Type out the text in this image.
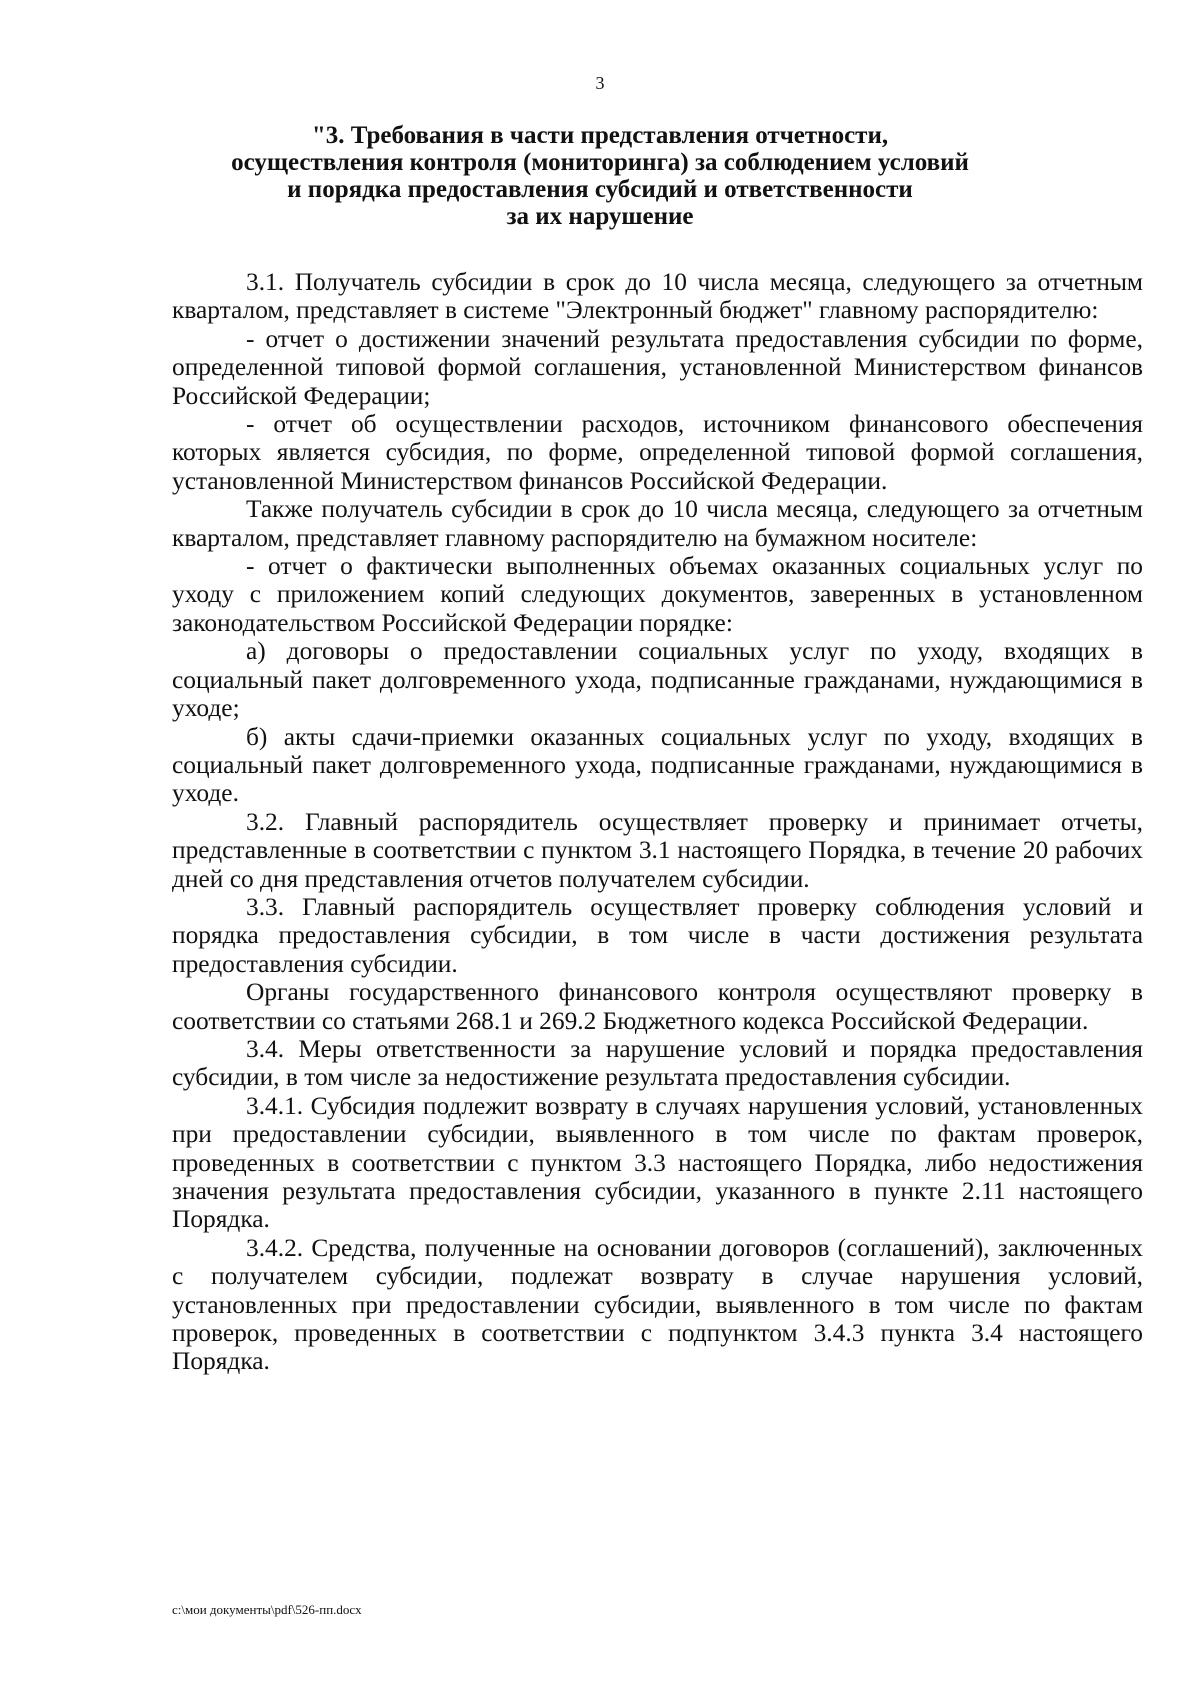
3
"3. Требования в части представления отчетности,
осуществления контроля (мониторинга) за соблюдением условий
и порядка предоставления субсидий и ответственности
за их нарушение

3.1. Получатель субсидии в срок до 10 числа месяца, следующего за отчетным кварталом, представляет в системе "Электронный бюджет" главному распорядителю:

- отчет о достижении значений результата предоставления субсидии по форме, определенной типовой формой соглашения, установленной Министерством финансов Российской Федерации;

- отчет об осуществлении расходов, источником финансового обеспечения которых является субсидия, по форме, определенной типовой формой соглашения, установленной Министерством финансов Российской Федерации.

Также получатель субсидии в срок до 10 числа месяца, следующего за отчетным кварталом, представляет главному распорядителю на бумажном носителе:

- отчет о фактически выполненных объемах оказанных социальных услуг по уходу с приложением копий следующих документов, заверенных в установленном законодательством Российской Федерации порядке:

а) договоры о предоставлении социальных услуг по уходу, входящих в социальный пакет долговременного ухода, подписанные гражданами, нуждающимися в уходе;

б) акты сдачи-приемки оказанных социальных услуг по уходу, входящих в социальный пакет долговременного ухода, подписанные гражданами, нуждающимися в уходе.

3.2. Главный распорядитель осуществляет проверку и принимает отчеты, представленные в соответствии с пунктом 3.1 настоящего Порядка, в течение 20 рабочих дней со дня представления отчетов получателем субсидии.

3.3. Главный распорядитель осуществляет проверку соблюдения условий и порядка предоставления субсидии, в том числе в части достижения результата предоставления субсидии.

Органы государственного финансового контроля осуществляют проверку в соответствии со статьями 268.1 и 269.2 Бюджетного кодекса Российской Федерации.

3.4. Меры ответственности за нарушение условий и порядка предоставления субсидии, в том числе за недостижение результата предоставления субсидии.

3.4.1. Субсидия подлежит возврату в случаях нарушения условий, установленных при предоставлении субсидии, выявленного в том числе по фактам проверок, проведенных в соответствии с пунктом 3.3 настоящего Порядка, либо недостижения значения результата предоставления субсидии, указанного в пункте 2.11 настоящего Порядка.

3.4.2. Средства, полученные на основании договоров (соглашений), заключенных с получателем субсидии, подлежат возврату в случае нарушения условий, установленных при предоставлении субсидии, выявленного в том числе по фактам проверок, проведенных в соответствии с подпунктом 3.4.3 пункта 3.4 настоящего Порядка.

c:\мои документы\pdf\526-пп.docx
